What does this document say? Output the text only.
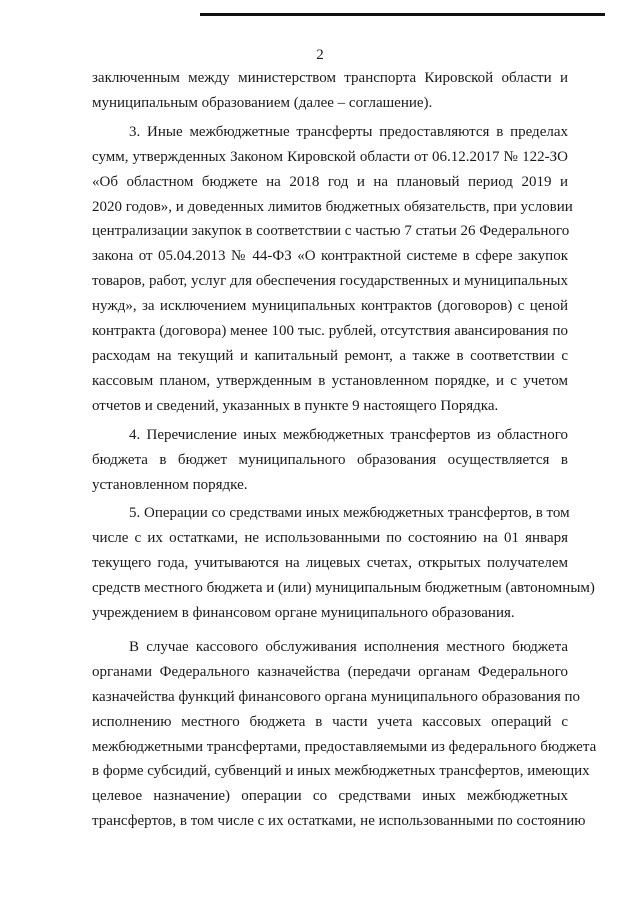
2

заключенным между министерством транспорта Кировской области и
муниципальным образованием (далее – соглашение).

3. Иные межбюджетные трансферты предоставляются в пределах
сумм, утвержденных Законом Кировской области от 06.12.2017 № 122-ЗО
«Об областном бюджете на 2018 год и на плановый период 2019 и
2020 годов», и доведенных лимитов бюджетных обязательств, при условии
централизации закупок в соответствии с частью 7 статьи 26 Федерального
закона от 05.04.2013 № 44-ФЗ «О контрактной системе в сфере закупок
товаров, работ, услуг для обеспечения государственных и муниципальных
нужд», за исключением муниципальных контрактов (договоров) с ценой
контракта (договора) менее 100 тыс. рублей, отсутствия авансирования по
расходам на текущий и капитальный ремонт, а также в соответствии с
кассовым планом, утвержденным в установленном порядке, и с учетом
отчетов и сведений, указанных в пункте 9 настоящего Порядка.

4. Перечисление иных межбюджетных трансфертов из областного
бюджета в бюджет муниципального образования осуществляется в
установленном порядке.

5. Операции со средствами иных межбюджетных трансфертов, в том
числе с их остатками, не использованными по состоянию на 01 января
текущего года, учитываются на лицевых счетах, открытых получателем
средств местного бюджета и (или) муниципальным бюджетным (автономным)
учреждением в финансовом органе муниципального образования.

В случае кассового обслуживания исполнения местного бюджета
органами Федерального казначейства (передачи органам Федерального
казначейства функций финансового органа муниципального образования по
исполнению местного бюджета в части учета кассовых операций с
межбюджетными трансфертами, предоставляемыми из федерального бюджета
в форме субсидий, субвенций и иных межбюджетных трансфертов, имеющих
целевое назначение) операции со средствами иных межбюджетных
трансфертов, в том числе с их остатками, не использованными по состоянию
